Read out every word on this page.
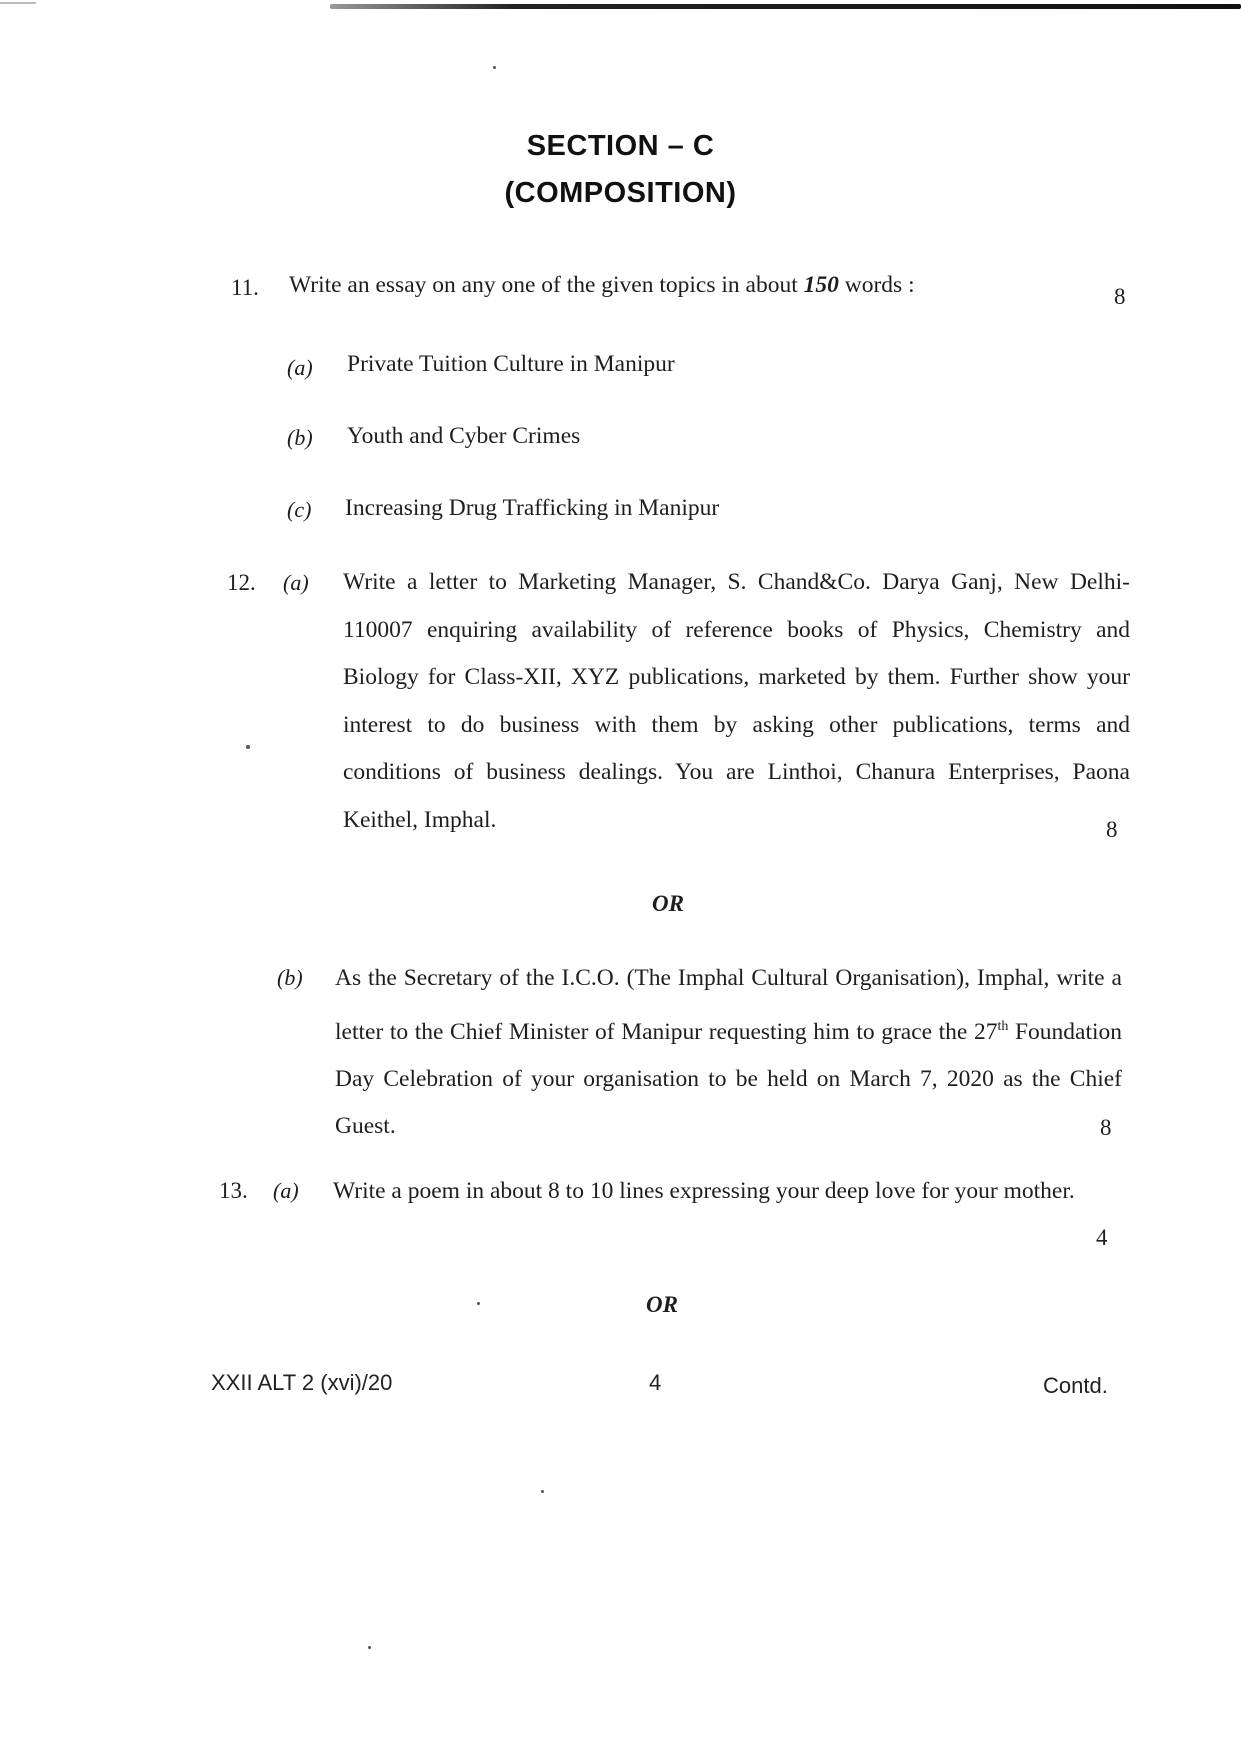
SECTION – C
(COMPOSITION)
11. Write an essay on any one of the given topics in about 150 words :	8
(a) Private Tuition Culture in Manipur
(b) Youth and Cyber Crimes
(c) Increasing Drug Trafficking in Manipur
12. (a) Write a letter to Marketing Manager, S. Chand&Co. Darya Ganj, New Delhi-110007 enquiring availability of reference books of Physics, Chemistry and Biology for Class-XII, XYZ publications, marketed by them. Further show your interest to do business with them by asking other publications, terms and conditions of business dealings. You are Linthoi, Chanura Enterprises, Paona Keithel, Imphal.	8
OR
(b) As the Secretary of the I.C.O. (The Imphal Cultural Organisation), Imphal, write a letter to the Chief Minister of Manipur requesting him to grace the 27th Foundation Day Celebration of your organisation to be held on March 7, 2020 as the Chief Guest.	8
13. (a) Write a poem in about 8 to 10 lines expressing your deep love for your mother.
4
OR
XXII ALT 2 (xvi)/20	4	Contd.
